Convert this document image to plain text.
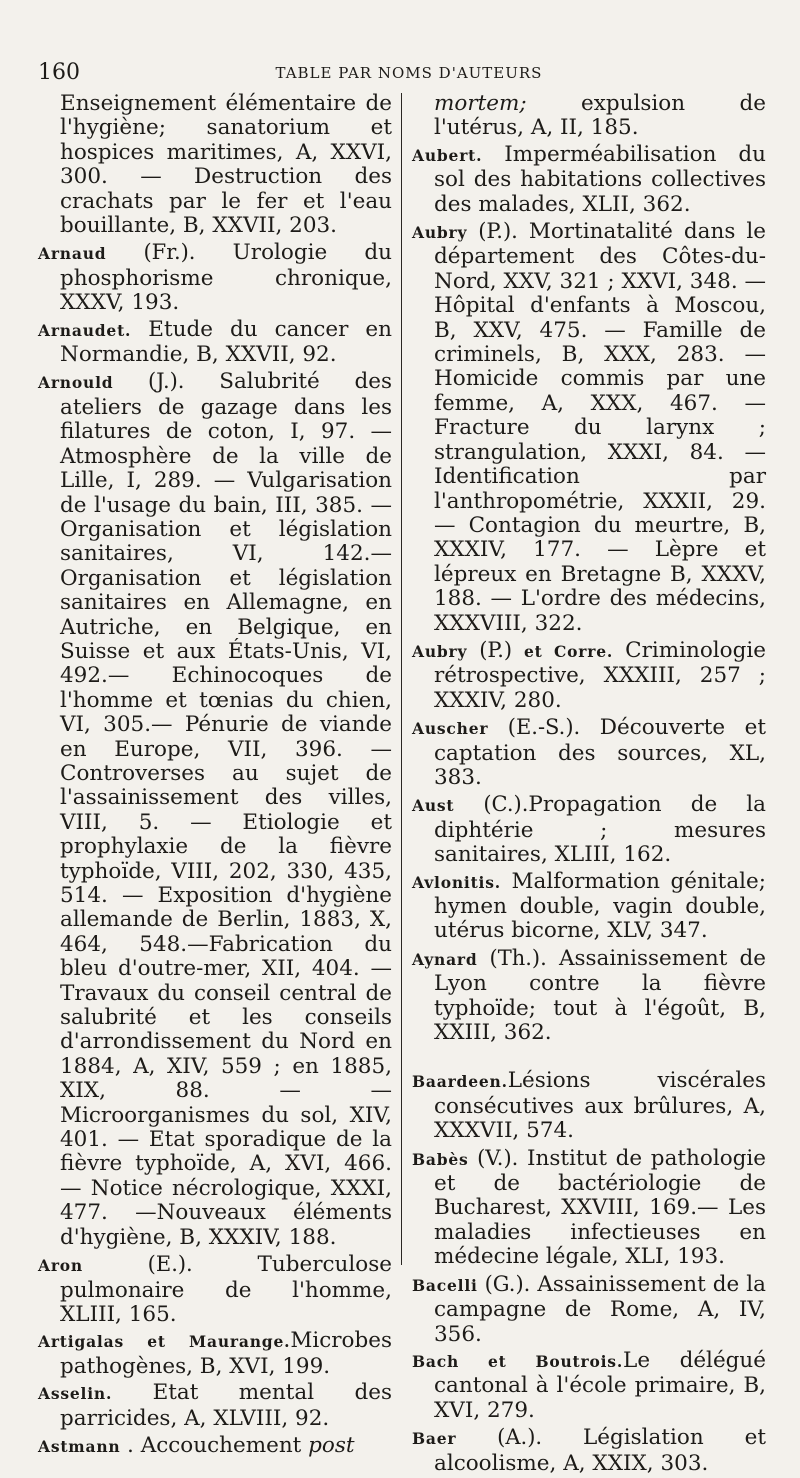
160	TABLE PAR NOMS D'AUTEURS

Enseignement élémentaire de l'hygiène; sanatorium et hospices maritimes, A, XXVI, 300. — Destruction des crachats par le fer et l'eau bouillante, B, XXVII, 203.

Arnaud (Fr.). Urologie du phosphorisme chronique, XXXV, 193.

Arnaudet. Etude du cancer en Normandie, B, XXVII, 92.

Arnould (J.). Salubrité des ateliers de gazage dans les filatures de coton, I, 97. — Atmosphère de la ville de Lille, I, 289. — Vulgarisation de l'usage du bain, III, 385. — Organisation et législation sanitaires, VI, 142.—Organisation et législation sanitaires en Allemagne, en Autriche, en Belgique, en Suisse et aux États-Unis, VI, 492.— Echinocoques de l'homme et tœnias du chien, VI, 305.— Pénurie de viande en Europe, VII, 396. — Controverses au sujet de l'assainissement des villes, VIII, 5. — Etiologie et prophylaxie de la fièvre typhoïde, VIII, 202, 330, 435, 514. — Exposition d'hygiène allemande de Berlin, 1883, X, 464, 548.—Fabrication du bleu d'outre-mer, XII, 404. — Travaux du conseil central de salubrité et les conseils d'arrondissement du Nord en 1884, A, XIV, 559 ; en 1885, XIX, 88. — —Microorganismes du sol, XIV, 401. — Etat sporadique de la fièvre typhoïde, A, XVI, 466. — Notice nécrologique, XXXI, 477. —Nouveaux éléments d'hygiène, B, XXXIV, 188.

Aron (E.). Tuberculose pulmonaire de l'homme, XLIII, 165.

Artigalas et Maurange.Microbes pathogènes, B, XVI, 199.

Asselin. Etat mental des parricides, A, XLVIII, 92.

Astmann . Accouchement post

mortem; expulsion de l'utérus, A, II, 185.

Aubert. Imperméabilisation du sol des habitations collectives des malades, XLII, 362.

Aubry (P.). Mortinatalité dans le département des Côtes-du-Nord, XXV, 321 ; XXVI, 348. — Hôpital d'enfants à Moscou, B, XXV, 475. — Famille de criminels, B, XXX, 283. — Homicide commis par une femme, A, XXX, 467. — Fracture du larynx ; strangulation, XXXI, 84. — Identification par l'anthropométrie, XXXII, 29. — Contagion du meurtre, B, XXXIV, 177. — Lèpre et lépreux en Bretagne B, XXXV, 188. — L'ordre des médecins, XXXVIII, 322.

Aubry (P.) et Corre. Criminologie rétrospective, XXXIII, 257 ; XXXIV, 280.

Auscher (E.-S.). Découverte et captation des sources, XL, 383.

Aust (C.).Propagation de la diphtérie ; mesures sanitaires, XLIII, 162.

Avlonitis. Malformation génitale; hymen double, vagin double, utérus bicorne, XLV, 347.

Aynard (Th.). Assainissement de Lyon contre la fièvre typhoïde; tout à l'égoût, B, XXIII, 362.

Baardeen.Lésions viscérales consécutives aux brûlures, A, XXXVII, 574.

Babès (V.). Institut de pathologie et de bactériologie de Bucharest, XXVIII, 169.— Les maladies infectieuses en médecine légale, XLI, 193.

Bacelli (G.). Assainissement de la campagne de Rome, A, IV, 356.

Bach et Boutrois.Le délégué cantonal à l'école primaire, B, XVI, 279.

Baer (A.). Législation et alcoolisme, A, XXIX, 303.
